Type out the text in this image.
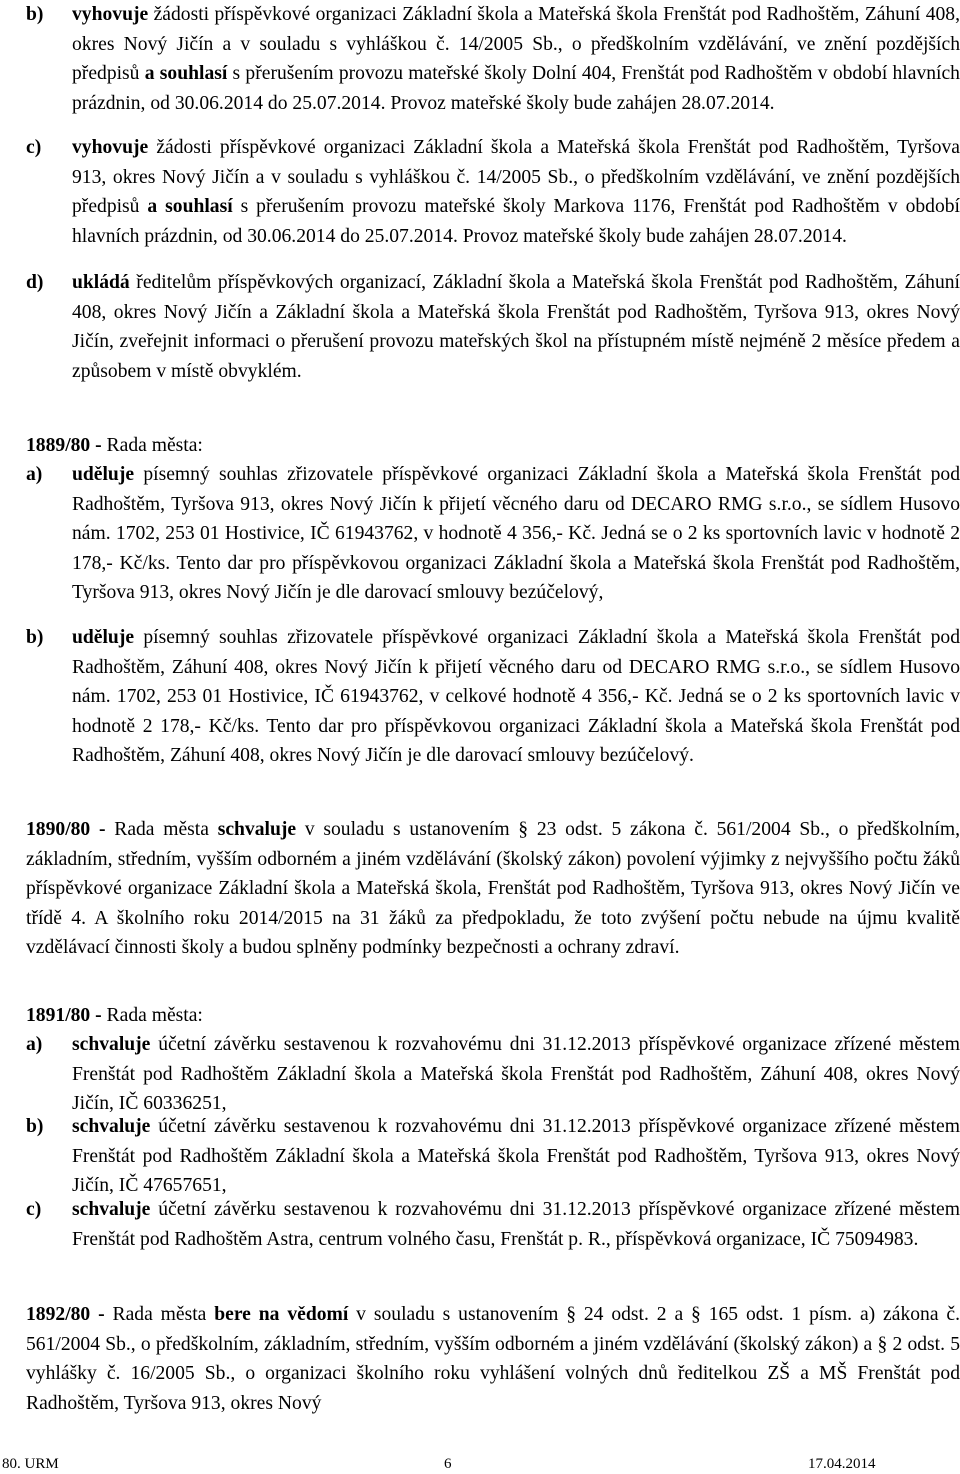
b)	vyhovuje žádosti příspěvkové organizaci Základní škola a Mateřská škola Frenštát pod Radhoštěm, Záhuní 408, okres Nový Jičín a v souladu s vyhláškou č. 14/2005 Sb., o předškolním vzdělávání, ve znění pozdějších předpisů a souhlasí s přerušením provozu mateřské školy Dolní 404, Frenštát pod Radhoštěm v období hlavních prázdnin, od 30.06.2014 do 25.07.2014. Provoz mateřské školy bude zahájen 28.07.2014.
c)	vyhovuje žádosti příspěvkové organizaci Základní škola a Mateřská škola Frenštát pod Radhoštěm, Tyršova 913, okres Nový Jičín a v souladu s vyhláškou č. 14/2005 Sb., o předškolním vzdělávání, ve znění pozdějších předpisů a souhlasí s přerušením provozu mateřské školy Markova 1176, Frenštát pod Radhoštěm v období hlavních prázdnin, od 30.06.2014 do 25.07.2014. Provoz mateřské školy bude zahájen 28.07.2014.
d)	ukládá ředitelům příspěvkových organizací, Základní škola a Mateřská škola Frenštát pod Radhoštěm, Záhuní 408, okres Nový Jičín a Základní škola a Mateřská škola Frenštát pod Radhoštěm, Tyršova 913, okres Nový Jičín, zveřejnit informaci o přerušení provozu mateřských škol na přístupném místě nejméně 2 měsíce předem a způsobem v místě obvyklém.
1889/80 - Rada města:
a)	uděluje písemný souhlas zřizovatele příspěvkové organizaci Základní škola a Mateřská škola Frenštát pod Radhoštěm, Tyršova 913, okres Nový Jičín k přijetí věcného daru od DECARO RMG s.r.o., se sídlem Husovo nám. 1702, 253 01 Hostivice, IČ 61943762, v hodnotě 4 356,- Kč. Jedná se o 2 ks sportovních lavic v hodnotě 2 178,- Kč/ks. Tento dar pro příspěvkovou organizaci Základní škola a Mateřská škola Frenštát pod Radhoštěm, Tyršova 913, okres Nový Jičín je dle darovací smlouvy bezúčelový,
b)	uděluje písemný souhlas zřizovatele příspěvkové organizaci Základní škola a Mateřská škola Frenštát pod Radhoštěm, Záhuní 408, okres Nový Jičín k přijetí věcného daru od DECARO RMG s.r.o., se sídlem Husovo nám. 1702, 253 01 Hostivice, IČ 61943762, v celkové hodnotě 4 356,- Kč. Jedná se o 2 ks sportovních lavic v hodnotě 2 178,- Kč/ks. Tento dar pro příspěvkovou organizaci Základní škola a Mateřská škola Frenštát pod Radhoštěm, Záhuní 408, okres Nový Jičín je dle darovací smlouvy bezúčelový.
1890/80 - Rada města schvaluje v souladu s ustanovením § 23 odst. 5 zákona č. 561/2004 Sb., o předškolním, základním, středním, vyšším odborném a jiném vzdělávání (školský zákon) povolení výjimky z nejvyššího počtu žáků příspěvkové organizace Základní škola a Mateřská škola, Frenštát pod Radhoštěm, Tyršova 913, okres Nový Jičín ve třídě 4. A školního roku 2014/2015 na 31 žáků za předpokladu, že toto zvýšení počtu nebude na újmu kvalitě vzdělávací činnosti školy a budou splněny podmínky bezpečnosti a ochrany zdraví.
1891/80 - Rada města:
a)	schvaluje účetní závěrku sestavenou k rozvahovému dni 31.12.2013 příspěvkové organizace zřízené městem Frenštát pod Radhoštěm Základní škola a Mateřská škola Frenštát pod Radhoštěm, Záhuní 408, okres Nový Jičín, IČ 60336251,
b)	schvaluje účetní závěrku sestavenou k rozvahovému dni 31.12.2013 příspěvkové organizace zřízené městem Frenštát pod Radhoštěm Základní škola a Mateřská škola Frenštát pod Radhoštěm, Tyršova 913, okres Nový Jičín, IČ 47657651,
c)	schvaluje účetní závěrku sestavenou k rozvahovému dni 31.12.2013 příspěvkové organizace zřízené městem Frenštát pod Radhoštěm Astra, centrum volného času, Frenštát p. R., příspěvková organizace, IČ 75094983.
1892/80 - Rada města bere na vědomí v souladu s ustanovením § 24 odst. 2 a § 165 odst. 1 písm. a) zákona č. 561/2004 Sb., o předškolním, základním, středním, vyšším odborném a jiném vzdělávání (školský zákon) a § 2 odst. 5 vyhlášky č. 16/2005 Sb., o organizaci školního roku vyhlášení volných dnů ředitelkou ZŠ a MŠ Frenštát pod Radhoštěm, Tyršova 913, okres Nový
80. URM	6	17.04.2014
